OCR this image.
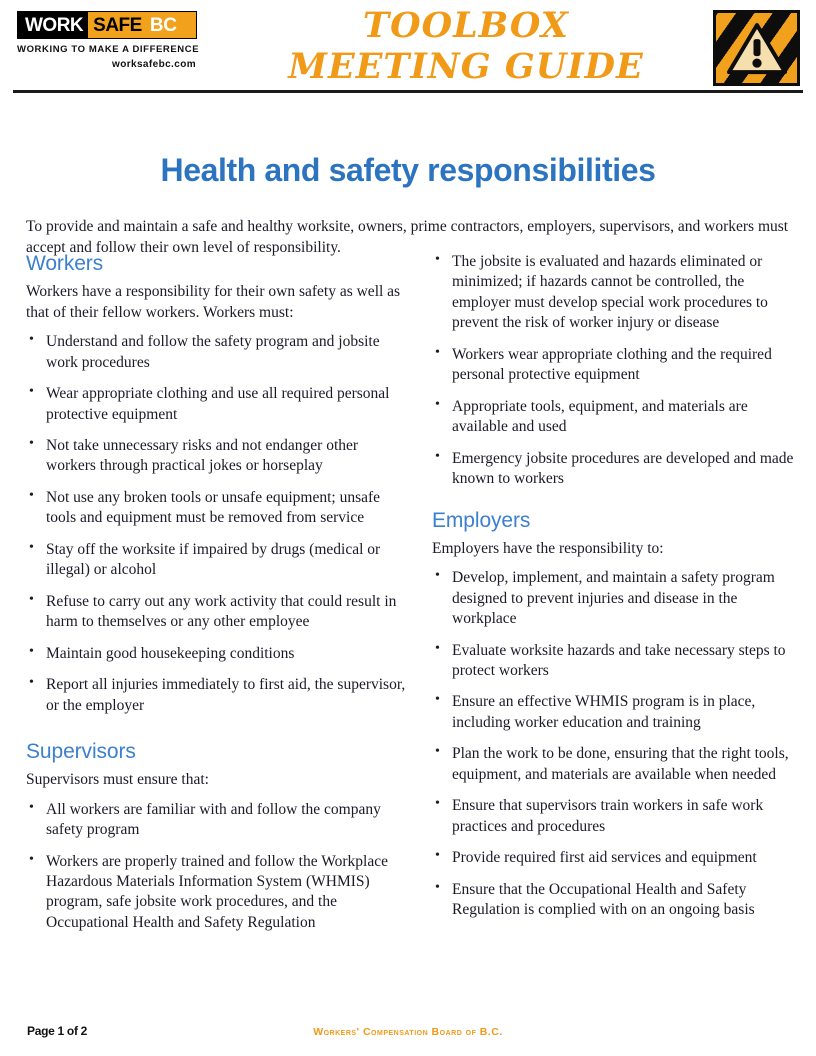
WORK SAFE BC
WORKING TO MAKE A DIFFERENCE
worksafebc.com
TOOLBOX
MEETING GUIDE
Health and safety responsibilities

To provide and maintain a safe and healthy worksite, owners, prime contractors, employers, supervisors, and workers must accept and follow their own level of responsibility.

Workers

Workers have a responsibility for their own safety as well as that of their fellow workers. Workers must:

• Understand and follow the safety program and jobsite work procedures
• Wear appropriate clothing and use all required personal protective equipment
• Not take unnecessary risks and not endanger other workers through practical jokes or horseplay
• Not use any broken tools or unsafe equipment; unsafe tools and equipment must be removed from service
• Stay off the worksite if impaired by drugs (medical or illegal) or alcohol
• Refuse to carry out any work activity that could result in harm to themselves or any other employee
• Maintain good housekeeping conditions
• Report all injuries immediately to first aid, the supervisor, or the employer
Supervisors

Supervisors must ensure that:

• All workers are familiar with and follow the company safety program
• Workers are properly trained and follow the Workplace Hazardous Materials Information System (WHMIS) program, safe jobsite work procedures, and the Occupational Health and Safety Regulation
• The jobsite is evaluated and hazards eliminated or minimized; if hazards cannot be controlled, the employer must develop special work procedures to prevent the risk of worker injury or disease
• Workers wear appropriate clothing and the required personal protective equipment
• Appropriate tools, equipment, and materials are available and used
• Emergency jobsite procedures are developed and made known to workers
Employers

Employers have the responsibility to:

• Develop, implement, and maintain a safety program designed to prevent injuries and disease in the workplace
• Evaluate worksite hazards and take necessary steps to protect workers
• Ensure an effective WHMIS program is in place, including worker education and training
• Plan the work to be done, ensuring that the right tools, equipment, and materials are available when needed
• Ensure that supervisors train workers in safe work practices and procedures
• Provide required first aid services and equipment
• Ensure that the Occupational Health and Safety Regulation is complied with on an ongoing basis
Page 1 of 2	Workers' Compensation Board of B.C.
